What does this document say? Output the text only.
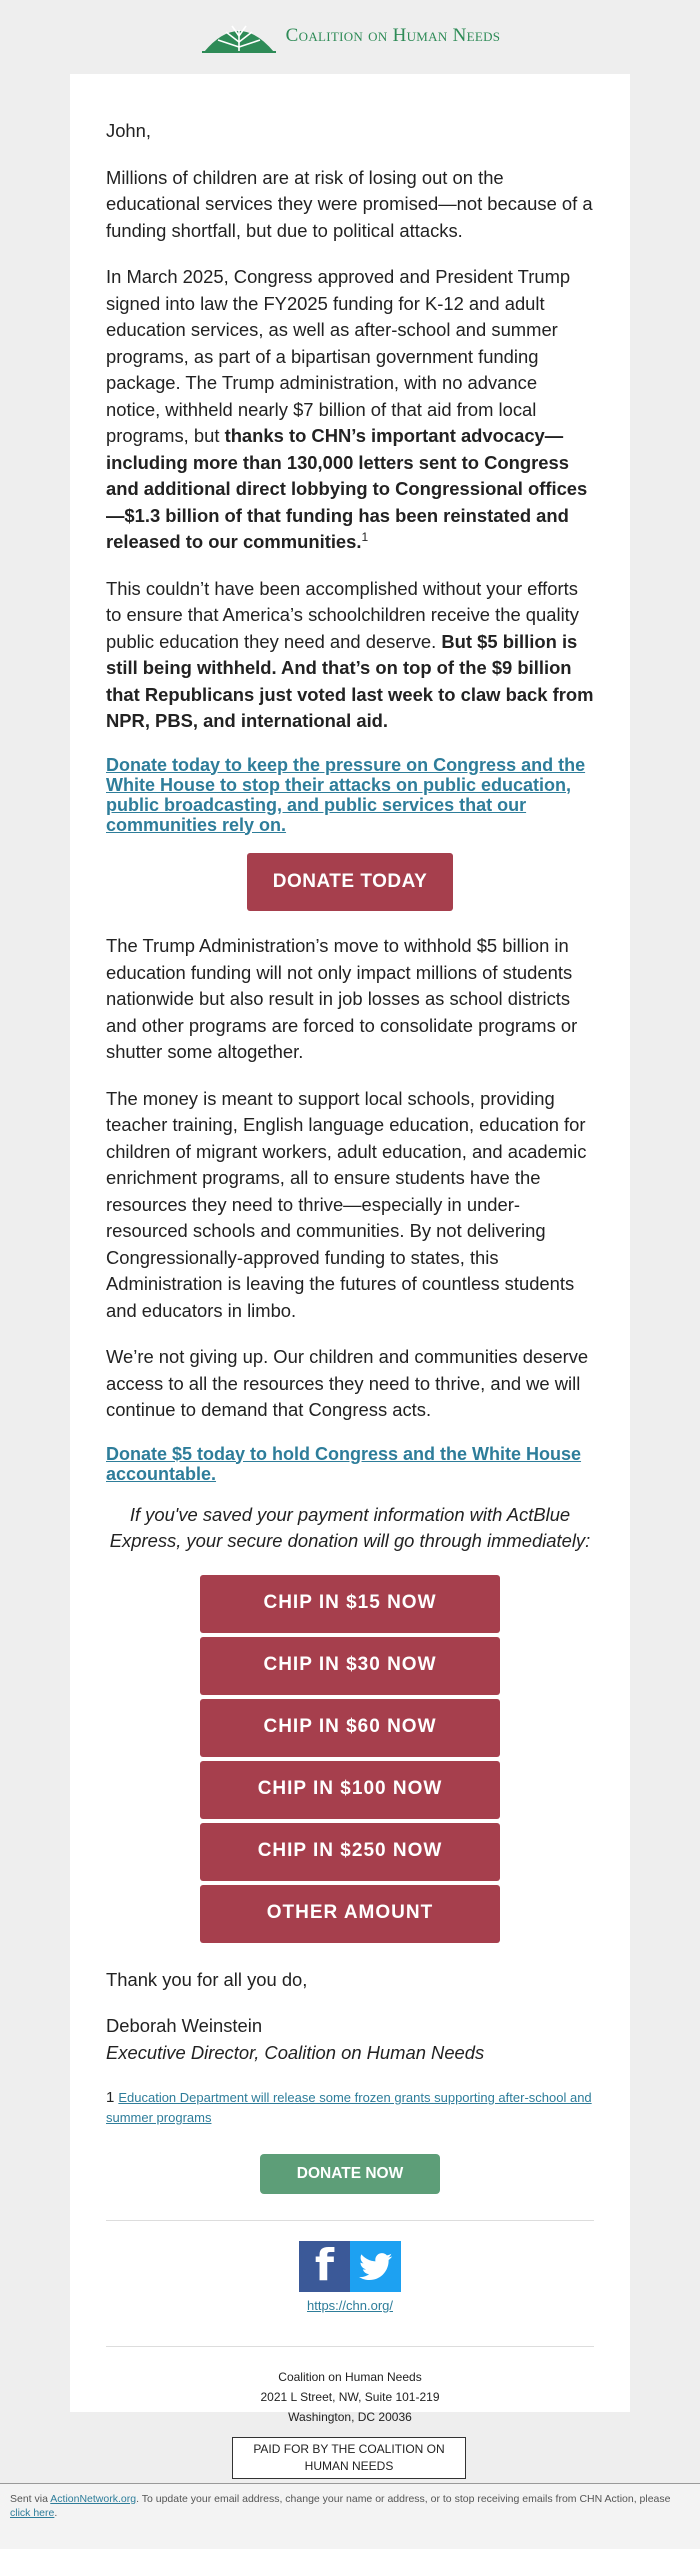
Coalition on Human Needs

John,

Millions of children are at risk of losing out on the educational services they were promised—not because of a funding shortfall, but due to political attacks.

In March 2025, Congress approved and President Trump signed into law the FY2025 funding for K-12 and adult education services, as well as after-school and summer programs, as part of a bipartisan government funding package. The Trump administration, with no advance notice, withheld nearly $7 billion of that aid from local programs, but thanks to CHN’s important advocacy—including more than 130,000 letters sent to Congress and additional direct lobbying to Congressional offices—$1.3 billion of that funding has been reinstated and released to our communities.$^1$

This couldn’t have been accomplished without your efforts to ensure that America’s schoolchildren receive the quality public education they need and deserve. But $5 billion is still being withheld. And that’s on top of the $9 billion that Republicans just voted last week to claw back from NPR, PBS, and international aid.

Donate today to keep the pressure on Congress and the White House to stop their attacks on public education, public broadcasting, and public services that our communities rely on.
DONATE TODAY

The Trump Administration’s move to withhold $5 billion in education funding will not only impact millions of students nationwide but also result in job losses as school districts and other programs are forced to consolidate programs or shutter some altogether.

The money is meant to support local schools, providing teacher training, English language education, education for children of migrant workers, adult education, and academic enrichment programs, all to ensure students have the resources they need to thrive—especially in under-resourced schools and communities. By not delivering Congressionally-approved funding to states, this Administration is leaving the futures of countless students and educators in limbo.

We’re not giving up. Our children and communities deserve access to all the resources they need to thrive, and we will continue to demand that Congress acts.

Donate $5 today to hold Congress and the White House accountable.

If you've saved your payment information with ActBlue Express, your secure donation will go through immediately:

CHIP IN $15 NOW
CHIP IN $30 NOW
CHIP IN $60 NOW
CHIP IN $100 NOW
CHIP IN $250 NOW
OTHER AMOUNT

Thank you for all you do,

Deborah Weinstein

Executive Director, Coalition on Human Needs

1 Education Department will release some frozen grants supporting after-school and summer programs
DONATE NOW
f
https://chn.org/
Coalition on Human Needs
2021 L Street, NW, Suite 101-219
Washington, DC 20036
PAID FOR BY THE COALITION ON HUMAN NEEDS
Sent via ActionNetwork.org. To update your email address, change your name or address, or to stop receiving emails from CHN Action, please click here.
